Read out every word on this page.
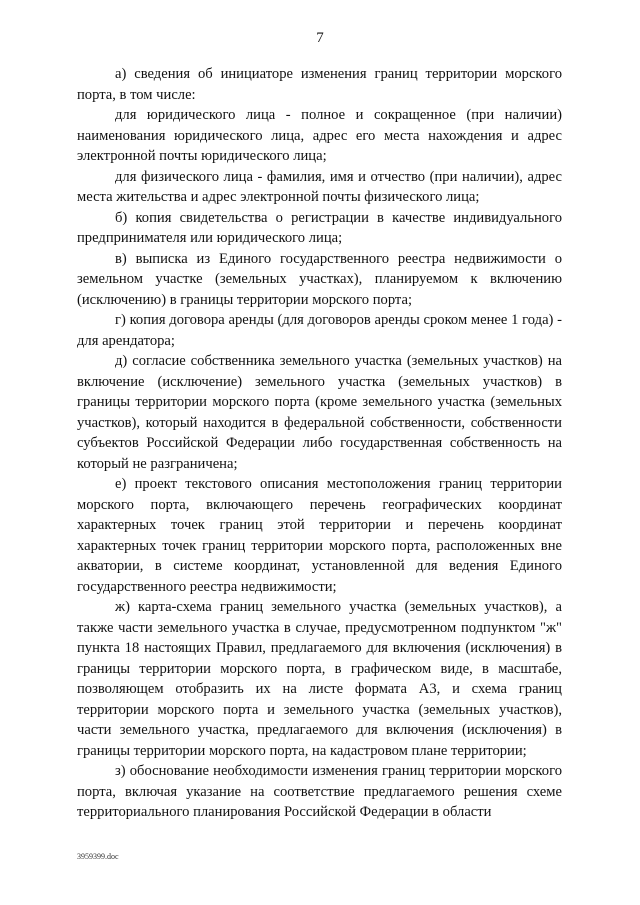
7

а) сведения об инициаторе изменения границ территории морского порта, в том числе:

для юридического лица - полное и сокращенное (при наличии) наименования юридического лица, адрес его места нахождения и адрес электронной почты юридического лица;

для физического лица - фамилия, имя и отчество (при наличии), адрес места жительства и адрес электронной почты физического лица;

б) копия свидетельства о регистрации в качестве индивидуального предпринимателя или юридического лица;

в) выписка из Единого государственного реестра недвижимости о земельном участке (земельных участках), планируемом к включению (исключению) в границы территории морского порта;

г) копия договора аренды (для договоров аренды сроком менее 1 года) - для арендатора;

д) согласие собственника земельного участка (земельных участков) на включение (исключение) земельного участка (земельных участков) в границы территории морского порта (кроме земельного участка (земельных участков), который находится в федеральной собственности, собственности субъектов Российской Федерации либо государственная собственность на который не разграничена;

е) проект текстового описания местоположения границ территории морского порта, включающего перечень географических координат характерных точек границ этой территории и перечень координат характерных точек границ территории морского порта, расположенных вне акватории, в системе координат, установленной для ведения Единого государственного реестра недвижимости;

ж) карта-схема границ земельного участка (земельных участков), а также части земельного участка в случае, предусмотренном подпунктом "ж" пункта 18 настоящих Правил, предлагаемого для включения (исключения) в границы территории морского порта, в графическом виде, в масштабе, позволяющем отобразить их на листе формата А3, и схема границ территории морского порта и земельного участка (земельных участков), части земельного участка, предлагаемого для включения (исключения) в границы территории морского порта, на кадастровом плане территории;

з) обоснование необходимости изменения границ территории морского порта, включая указание на соответствие предлагаемого решения схеме территориального планирования Российской Федерации в области

3959399.doc
